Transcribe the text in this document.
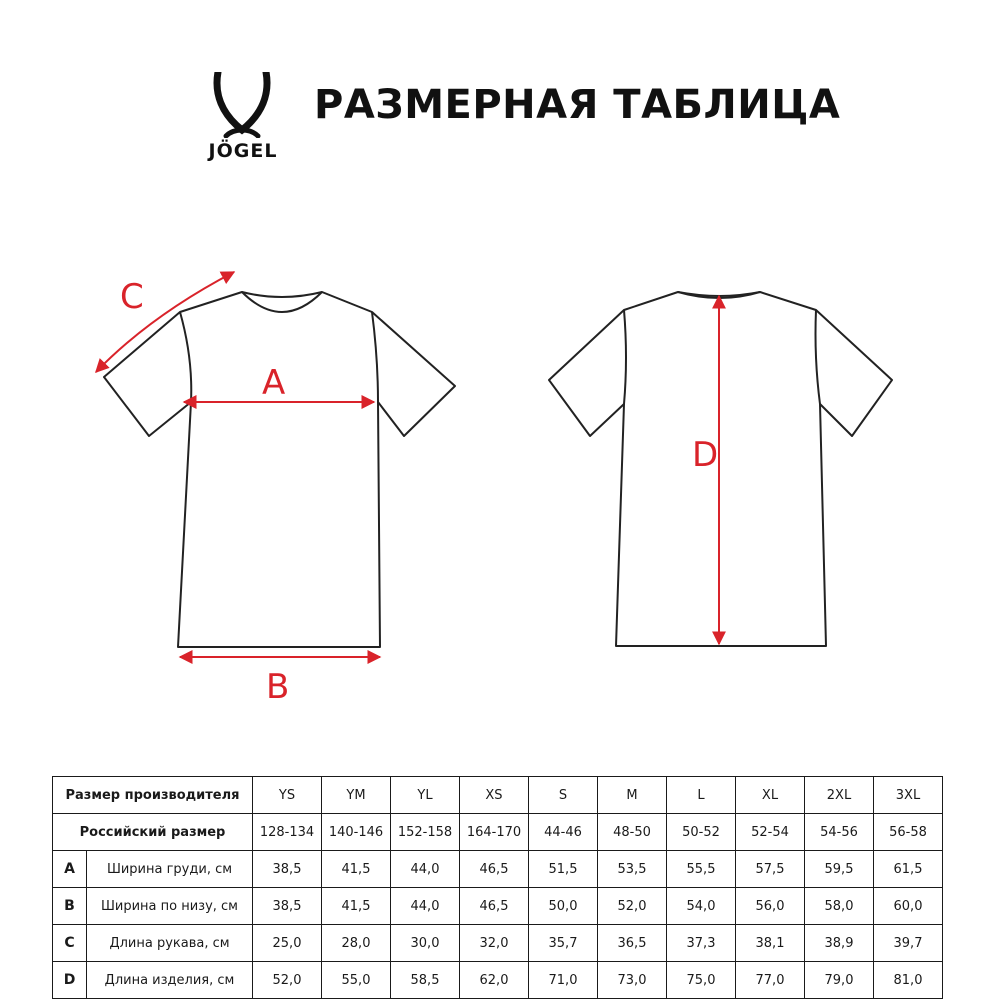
JÖGEL
РАЗМЕРНАЯ ТАБЛИЦА
A
B
C
D
Размер производителя		YS	YM	YL	XS	S	M	L	XL	2XL	3XL
Российский размер		128-134	140-146	152-158	164-170	44-46	48-50	50-52	52-54	54-56	56-58
A	Ширина груди, см	38,5	41,5	44,0	46,5	51,5	53,5	55,5	57,5	59,5	61,5
B	Ширина по низу, см	38,5	41,5	44,0	46,5	50,0	52,0	54,0	56,0	58,0	60,0
C	Длина рукава, см	25,0	28,0	30,0	32,0	35,7	36,5	37,3	38,1	38,9	39,7
D	Длина изделия, см	52,0	55,0	58,5	62,0	71,0	73,0	75,0	77,0	79,0	81,0
